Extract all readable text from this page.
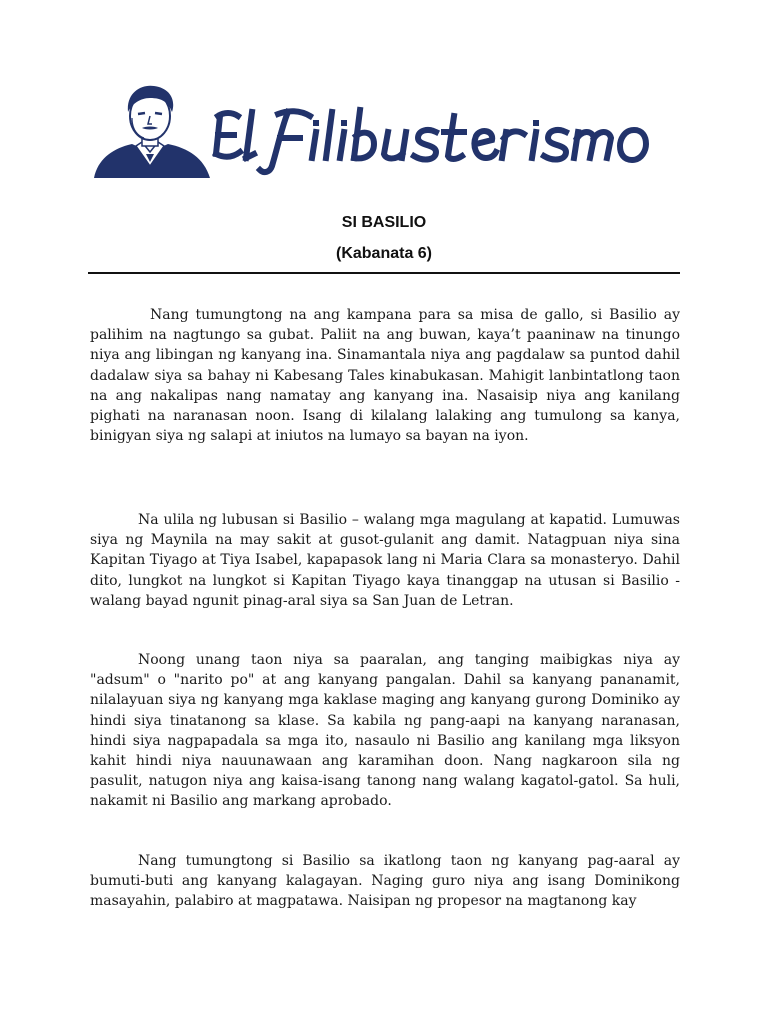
SI BASILIO
(Kabanata 6)

Nang tumungtong na ang kampana para sa misa de gallo, si Basilio ay palihim na nagtungo sa gubat. Paliit na ang buwan, kaya’t paaninaw na tinungo niya ang libingan ng kanyang ina. Sinamantala niya ang pagdalaw sa puntod dahil dadalaw siya sa bahay ni Kabesang Tales kinabukasan. Mahigit lanbintatlong taon na ang nakalipas nang namatay ang kanyang ina. Nasaisip niya ang kanilang pighati na naranasan noon. Isang di kilalang lalaking ang tumulong sa kanya, binigyan siya ng salapi at iniutos na lumayo sa bayan na iyon.

Na ulila ng lubusan si Basilio – walang mga magulang at kapatid. Lumuwas siya ng Maynila na may sakit at gusot-gulanit ang damit. Natagpuan niya sina Kapitan Tiyago at Tiya Isabel, kapapasok lang ni Maria Clara sa monasteryo. Dahil dito, lungkot na lungkot si Kapitan Tiyago kaya tinanggap na utusan si Basilio - walang bayad ngunit pinag-aral siya sa San Juan de Letran.

Noong unang taon niya sa paaralan, ang tanging maibigkas niya ay "adsum" o "narito po" at ang kanyang pangalan. Dahil sa kanyang pananamit, nilalayuan siya ng kanyang mga kaklase maging ang kanyang gurong Dominiko ay hindi siya tinatanong sa klase. Sa kabila ng pang-aapi na kanyang naranasan, hindi siya nagpapadala sa mga ito, nasaulo ni Basilio ang kanilang mga liksyon kahit hindi niya nauunawaan ang karamihan doon. Nang nagkaroon sila ng pasulit, natugon niya ang kaisa-isang tanong nang walang kagatol-gatol. Sa huli, nakamit ni Basilio ang markang aprobado.

Nang tumungtong si Basilio sa ikatlong taon ng kanyang pag-aaral ay bumuti-buti ang kanyang kalagayan. Naging guro niya ang isang Dominikong masayahin, palabiro at magpatawa. Naisipan ng propesor na magtanong kay
